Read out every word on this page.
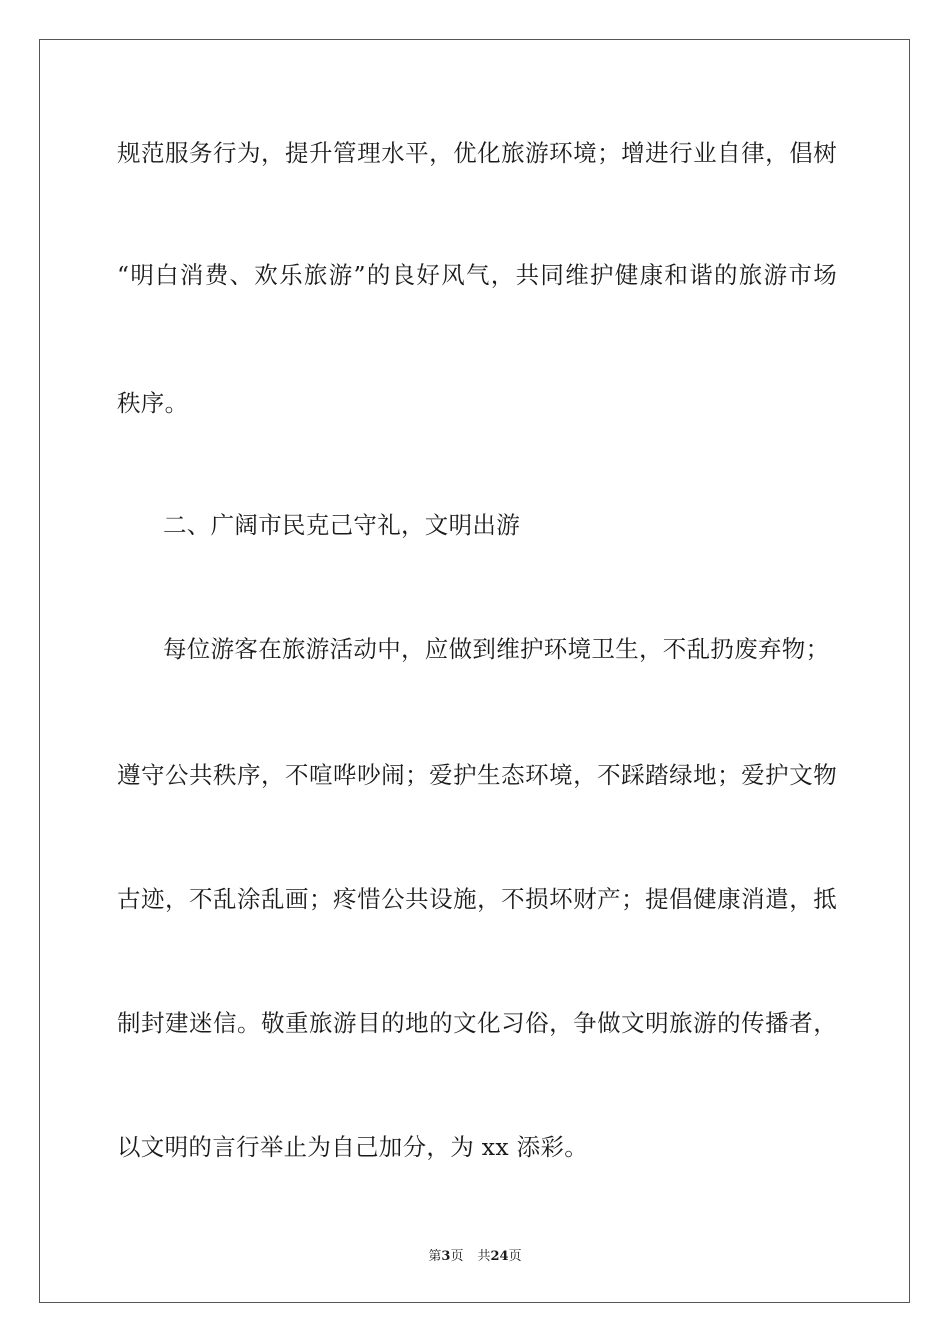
规范服务行为，提升管理水平，优化旅游环境；增进行业自律，倡树
“明白消费、欢乐旅游”的良好风气，共同维护健康和谐的旅游市场
秩序。
二、广阔市民克己守礼，文明出游
每位游客在旅游活动中，应做到维护环境卫生，不乱扔废弃物；
遵守公共秩序，不喧哗吵闹；爱护生态环境，不踩踏绿地；爱护文物
古迹，不乱涂乱画；疼惜公共设施，不损坏财产；提倡健康消遣，抵
制封建迷信。敬重旅游目的地的文化习俗，争做文明旅游的传播者，
以文明的言行举止为自己加分，为 xx 添彩。
第3页 共24页
